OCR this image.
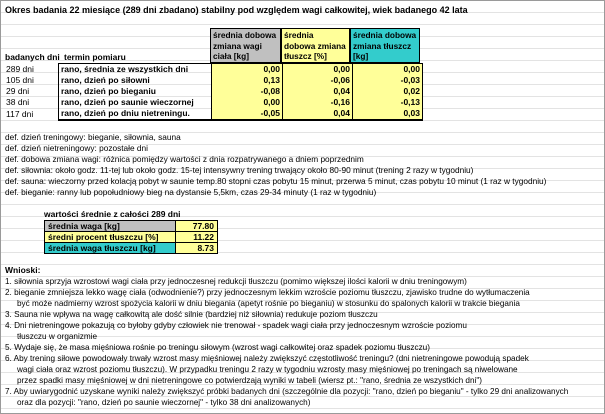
Okres badania 22 miesiące (289 dni zbadano) stabilny pod względem wagi całkowitej, wiek badanego 42 lata
średnia dobowa zmiana wagi ciała [kg]
średnia dobowa zmiana tłuszcz [%]
średnia dobowa zmiana tłuszcz [kg]
badanych dni termin pomiaru
289 dni	rano, średnia ze wszystkich dni	0,00	0,00	0,00
105 dni	rano, dzień po siłowni	0,13	-0,06	-0,03
29 dni	rano, dzień po bieganiu	-0,08	0,04	0,02
38 dni	rano, dzień po saunie wieczornej	0,00	-0,16	-0,13
117 dni	rano, dzień po dniu nietreningu.	-0,05	0,04	0,03
def. dzień treningowy: bieganie, siłownia, sauna
def. dzień nietreningowy: pozostałe dni
def. dobowa zmiana wagi: różnica pomiędzy wartości z dnia rozpatrywanego a dniem poprzednim
def. siłownia: około godz. 11-tej lub około godz. 15-tej intensywny trening trwający około 80-90 minut (trening 2 razy w tygodniu)
def. sauna: wieczorny przed kolacją pobyt w saunie temp.80 stopni czas pobytu 15 minut, przerwa 5 minut, czas pobytu 10 minut (1 raz w tygodniu)
def. bieganie: ranny lub popołudniowy bieg na dystansie 5,5km, czas 29-34 minuty (1 raz w tygodniu)
wartości średnie z całości 289 dni
średnia waga [kg]	77.80
średni procent tłuszczu [%]	11.22
średnia waga tłuszczu [kg]	8.73
Wnioski:
1. siłownia sprzyja wzrostowi wagi ciała przy jednoczesnej redukcji tłuszczu (pomimo większej ilości kalorii w dniu treningowym)
2. bieganie zmniejsza lekko wagę ciała (odwodnienie?) przy jednoczesnym lekkim wzroście poziomu tłuszczu, zjawisko trudne do wytłumaczenia
być może nadmierny wzrost spożycia kalorii w dniu biegania (apetyt rośnie po bieganiu) w stosunku do spalonych kalorii w trakcie biegania
3. Sauna nie wpływa na wagę całkowitą ale dość silnie (bardziej niż siłownia) redukuje poziom tłuszczu
4. Dni nietreningowe pokazują co byłoby gdyby człowiek nie trenował - spadek wagi ciała przy jednoczesnym wzroście poziomu
tłuszczu w organizmie
5. Wydaje się, że masa mięśniowa rośnie po treningu siłowym (wzrost wagi całkowitej oraz spadek poziomu tłuszczu)
6. Aby trening siłowe powodowały trwały wzrost masy mięśniowej należy zwiększyć częstotliwość treningu? (dni nietreningowe powodują spadek
wagi ciała oraz wzrost poziomu tłuszczu). W przypadku treningu 2 razy w tygodniu wzrosty masy mięśniowej po treningach są niwelowane
przez spadki masy mięśniowej w dni nietreningowe co potwierdzają wyniki w tabeli (wiersz pt.: "rano, średnia ze wszystkich dni")
7. Aby uwiarygodnić uzyskane wyniki należy zwiększyć próbki badanych dni (szczególnie dla pozycji: "rano, dzień po bieganiu" - tylko 29 dni analizowanych
oraz dla pozycji: "rano, dzień po saunie wieczornej" - tylko 38 dni analizowanych)
